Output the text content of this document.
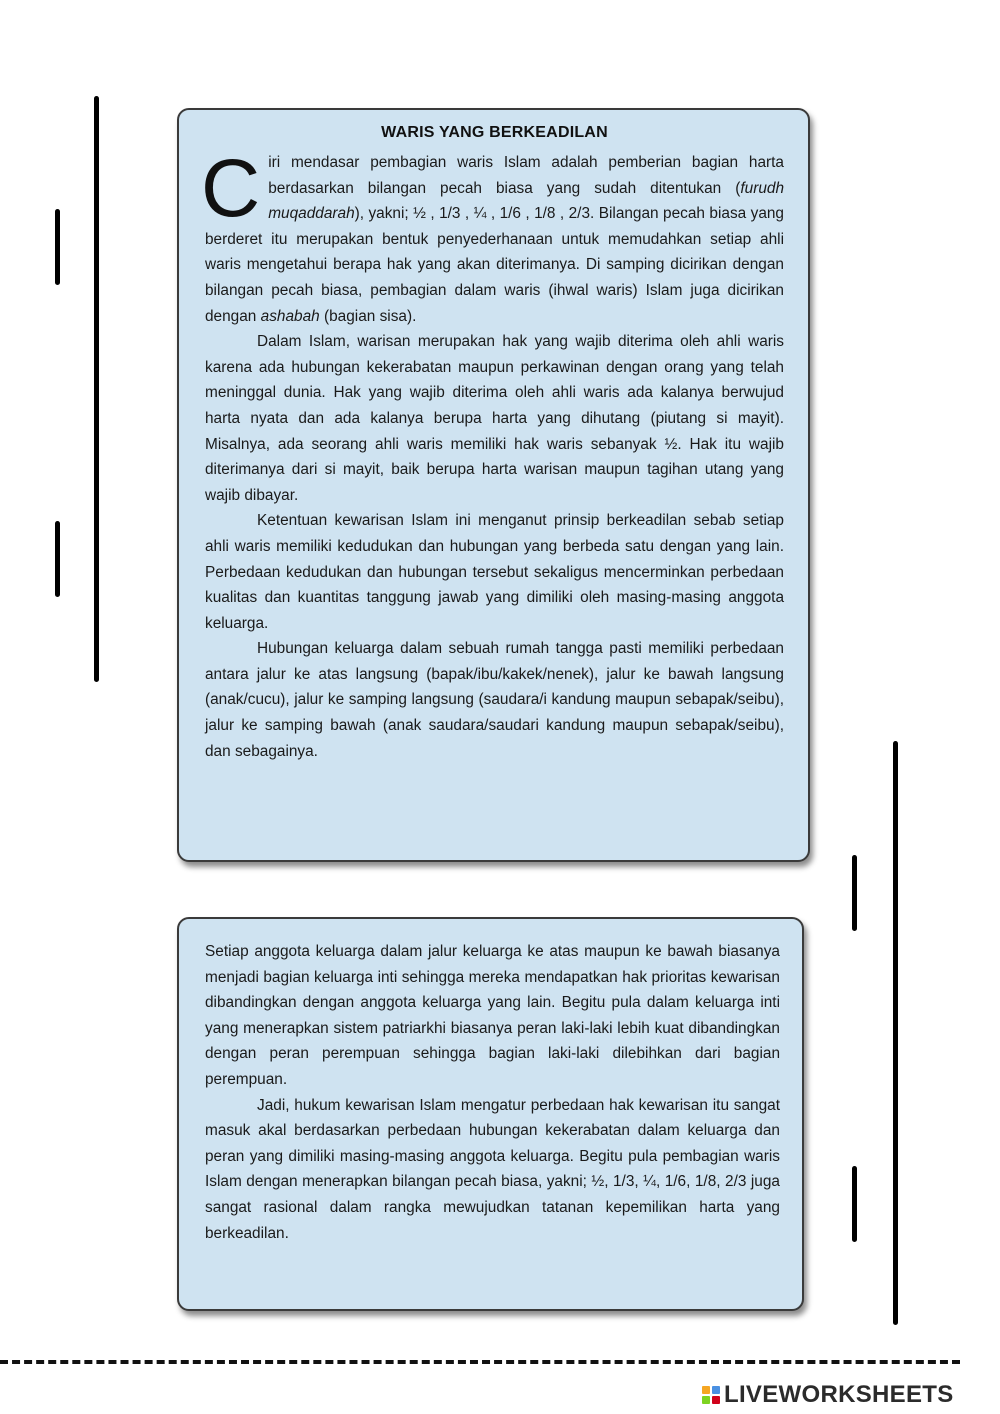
WARIS YANG BERKEADILAN

Ciri mendasar pembagian waris Islam adalah pemberian bagian harta berdasarkan bilangan pecah biasa yang sudah ditentukan (furudh muqaddarah), yakni; ½ , 1/3 , ¼ , 1/6 , 1/8 , 2/3. Bilangan pecah biasa yang berderet itu merupakan bentuk penyederhanaan untuk memudahkan setiap ahli waris mengetahui berapa hak yang akan diterimanya. Di samping dicirikan dengan bilangan pecah biasa, pembagian dalam waris (ihwal waris) Islam juga dicirikan dengan ashabah (bagian sisa).

Dalam Islam, warisan merupakan hak yang wajib diterima oleh ahli waris karena ada hubungan kekerabatan maupun perkawinan dengan orang yang telah meninggal dunia. Hak yang wajib diterima oleh ahli waris ada kalanya berwujud harta nyata dan ada kalanya berupa harta yang dihutang (piutang si mayit). Misalnya, ada seorang ahli waris memiliki hak waris sebanyak ½. Hak itu wajib diterimanya dari si mayit, baik berupa harta warisan maupun tagihan utang yang wajib dibayar.

Ketentuan kewarisan Islam ini menganut prinsip berkeadilan sebab setiap ahli waris memiliki kedudukan dan hubungan yang berbeda satu dengan yang lain. Perbedaan kedudukan dan hubungan tersebut sekaligus mencerminkan perbedaan kualitas dan kuantitas tanggung jawab yang dimiliki oleh masing-masing anggota keluarga.

Hubungan keluarga dalam sebuah rumah tangga pasti memiliki perbedaan antara jalur ke atas langsung (bapak/ibu/kakek/nenek), jalur ke bawah langsung (anak/cucu), jalur ke samping langsung (saudara/i kandung maupun sebapak/seibu), jalur ke samping bawah (anak saudara/saudari kandung maupun sebapak/seibu), dan sebagainya.

Setiap anggota keluarga dalam jalur keluarga ke atas maupun ke bawah biasanya menjadi bagian keluarga inti sehingga mereka mendapatkan hak prioritas kewarisan dibandingkan dengan anggota keluarga yang lain. Begitu pula dalam keluarga inti yang menerapkan sistem patriarkhi biasanya peran laki-laki lebih kuat dibandingkan dengan peran perempuan sehingga bagian laki-laki dilebihkan dari bagian perempuan.

Jadi, hukum kewarisan Islam mengatur perbedaan hak kewarisan itu sangat masuk akal berdasarkan perbedaan hubungan kekerabatan dalam keluarga dan peran yang dimiliki masing-masing anggota keluarga. Begitu pula pembagian waris Islam dengan menerapkan bilangan pecah biasa, yakni; ½, 1/3, ¼, 1/6, 1/8, 2/3 juga sangat rasional dalam rangka mewujudkan tatanan kepemilikan harta yang berkeadilan.

LIVEWORKSHEETS
